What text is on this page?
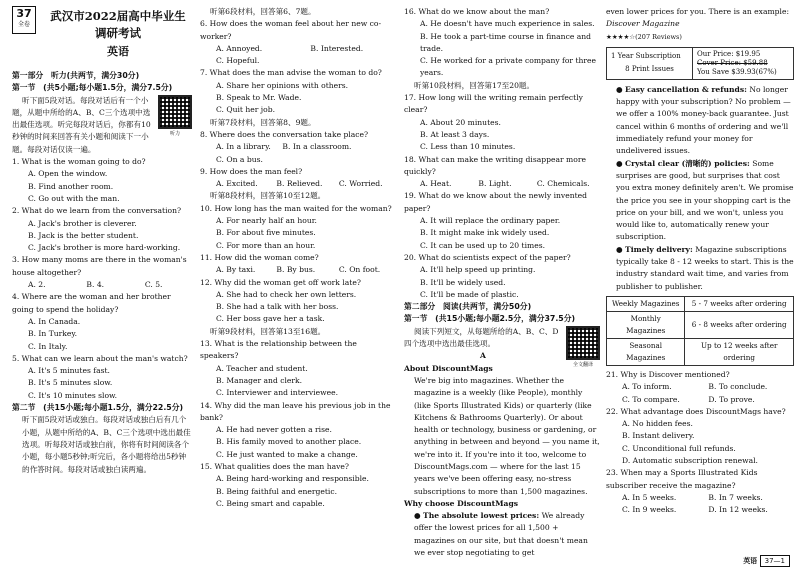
37
全卷
武汉市2022届高中毕业生
调研考试
英语
第一部分　听力(共两节，满分30分)
第一节　(共5小题;每小题1.5分，满分7.5分)
听力
听下面5段对话。每段对话后有一个小题，从题中所给的A、B、C三个选项中选出最佳选项。听完每段对话后，你都有10秒钟的时间来回答有关小题和阅读下一小题。每段对话仅读一遍。
1. What is the woman going to do?
A. Open the window.
B. Find another room.
C. Go out with the man.
2. What do we learn from the conversation?
A. Jack's brother is cleverer.
B. Jack is the better student.
C. Jack's brother is more hard-working.
3. How many moms are there in the woman's house altogether?
A. 2.	B. 4.	C. 5.
4. Where are the woman and her brother going to spend the holiday?
A. In Canada.
B. In Turkey.
C. In Italy.
5. What can we learn about the man's watch?
A. It's 5 minutes fast.
B. It's 5 minutes slow.
C. It's 10 minutes slow.
第二节　(共15小题;每小题1.5分，满分22.5分)
听下面5段对话或独白。每段对话或独白后有几个小题，从题中所给的A、B、C三个选项中选出最佳选项。听每段对话或独白前，你将有时间阅读各个小题，每小题5秒钟;听完后，各小题将给出5秒钟的作答时间。每段对话或独白读两遍。
听第6段材料，回答第6、7题。
6. How does the woman feel about her new co-worker?
A. Annoyed.	B. Interested.
C. Hopeful.
7. What does the man advise the woman to do?
A. Share her opinions with others.
B. Speak to Mr. Wade.
C. Quit her job.
听第7段材料，回答第8、9题。
8. Where does the conversation take place?
A. In a library. B. In a classroom.
C. On a bus.
9. How does the man feel?
A. Excited. B. Relieved. C. Worried.
听第8段材料，回答第10至12题。
10. How long has the man waited for the woman?
A. For nearly half an hour.
B. For about five minutes.
C. For more than an hour.
11. How did the woman come?
A. By taxi.	B. By bus.	C. On foot.
12. Why did the woman get off work late?
A. She had to check her own letters.
B. She had a talk with her boss.
C. Her boss gave her a task.
听第9段材料，回答第13至16题。
13. What is the relationship between the speakers?
A. Teacher and student.
B. Manager and clerk.
C. Interviewer and interviewee.
14. Why did the man leave his previous job in the bank?
A. He had never gotten a rise.
B. His family moved to another place.
C. He just wanted to make a change.
15. What qualities does the man have?
A. Being hard-working and responsible.
B. Being faithful and energetic.
C. Being smart and capable.
16. What do we know about the man?
A. He doesn't have much experience in sales.
B. He took a part-time course in finance and trade.
C. He worked for a private company for three years.
听第10段材料，回答第17至20题。
17. How long will the writing remain perfectly clear?
A. About 20 minutes.
B. At least 3 days.
C. Less than 10 minutes.
18. What can make the writing disappear more quickly?
A. Heat.	B. Light.	C. Chemicals.
19. What do we know about the newly invented paper?
A. It will replace the ordinary paper.
B. It might make ink widely used.
C. It can be used up to 20 times.
20. What do scientists expect of the paper?
A. It'll help speed up printing.
B. It'll be widely used.
C. It'll be made of plastic.
第二部分　阅读(共两节，满分50分)
第一节　(共15小题;每小题2.5分，满分37.5分)
全文翻译
阅读下列短文，从每题所给的A、B、C、D四个选项中选出最佳选项。
A
About DiscountMags
We're big into magazines. Whether the magazine is a weekly (like People), monthly (like Sports Illustrated Kids) or quarterly (like Kitchens & Bathrooms Quarterly). Or about health or technology, business or gardening, or anything in between and beyond — you name it, we're into it. If you're into it too, welcome to DiscountMags.com — where for the last 15 years we've been offering easy, no-stress subscriptions to more than 1,500 magazines.
Why choose DiscountMags
● The absolute lowest prices: We already offer the lowest prices for all 1,500 + magazines on our site, but that doesn't mean we ever stop negotiating to get
even lower prices for you. There is an example:
Discover Magazine
★★★★☆(207 Reviews)
1 Year Subscription
8 Print Issues

Our Price: $19.95
Cover Price: $59.88
You Save $39.93(67%)
● Easy cancellation & refunds: No longer happy with your subscription? No problem — we offer a 100% money-back guarantee. Just cancel within 6 months of ordering and we'll immediately refund your money for undelivered issues.
● Crystal clear (清晰的) policies: Some surprises are good, but surprises that cost you extra money definitely aren't. We promise the price you see in your shopping cart is the price on your bill, and we won't, unless you would like to, automatically renew your subscription.
● Timely delivery: Magazine subscriptions typically take 8 - 12 weeks to start. This is the industry standard wait time, and varies from publisher to publisher.
Weekly Magazines	5 - 7 weeks after ordering
Monthly Magazines	6 - 8 weeks after ordering
Seasonal Magazines	Up to 12 weeks after ordering
21. Why is Discover mentioned?
A. To inform.	B. To conclude.
C. To compare.	D. To prove.
22. What advantage does DiscountMags have?
A. No hidden fees.
B. Instant delivery.
C. Unconditional full refunds.
D. Automatic subscription renewal.
23. When may a Sports Illustrated Kids subscriber receive the magazine?
A. In 5 weeks.	B. In 7 weeks.
C. In 9 weeks.	D. In 12 weeks.
英语 37—1
